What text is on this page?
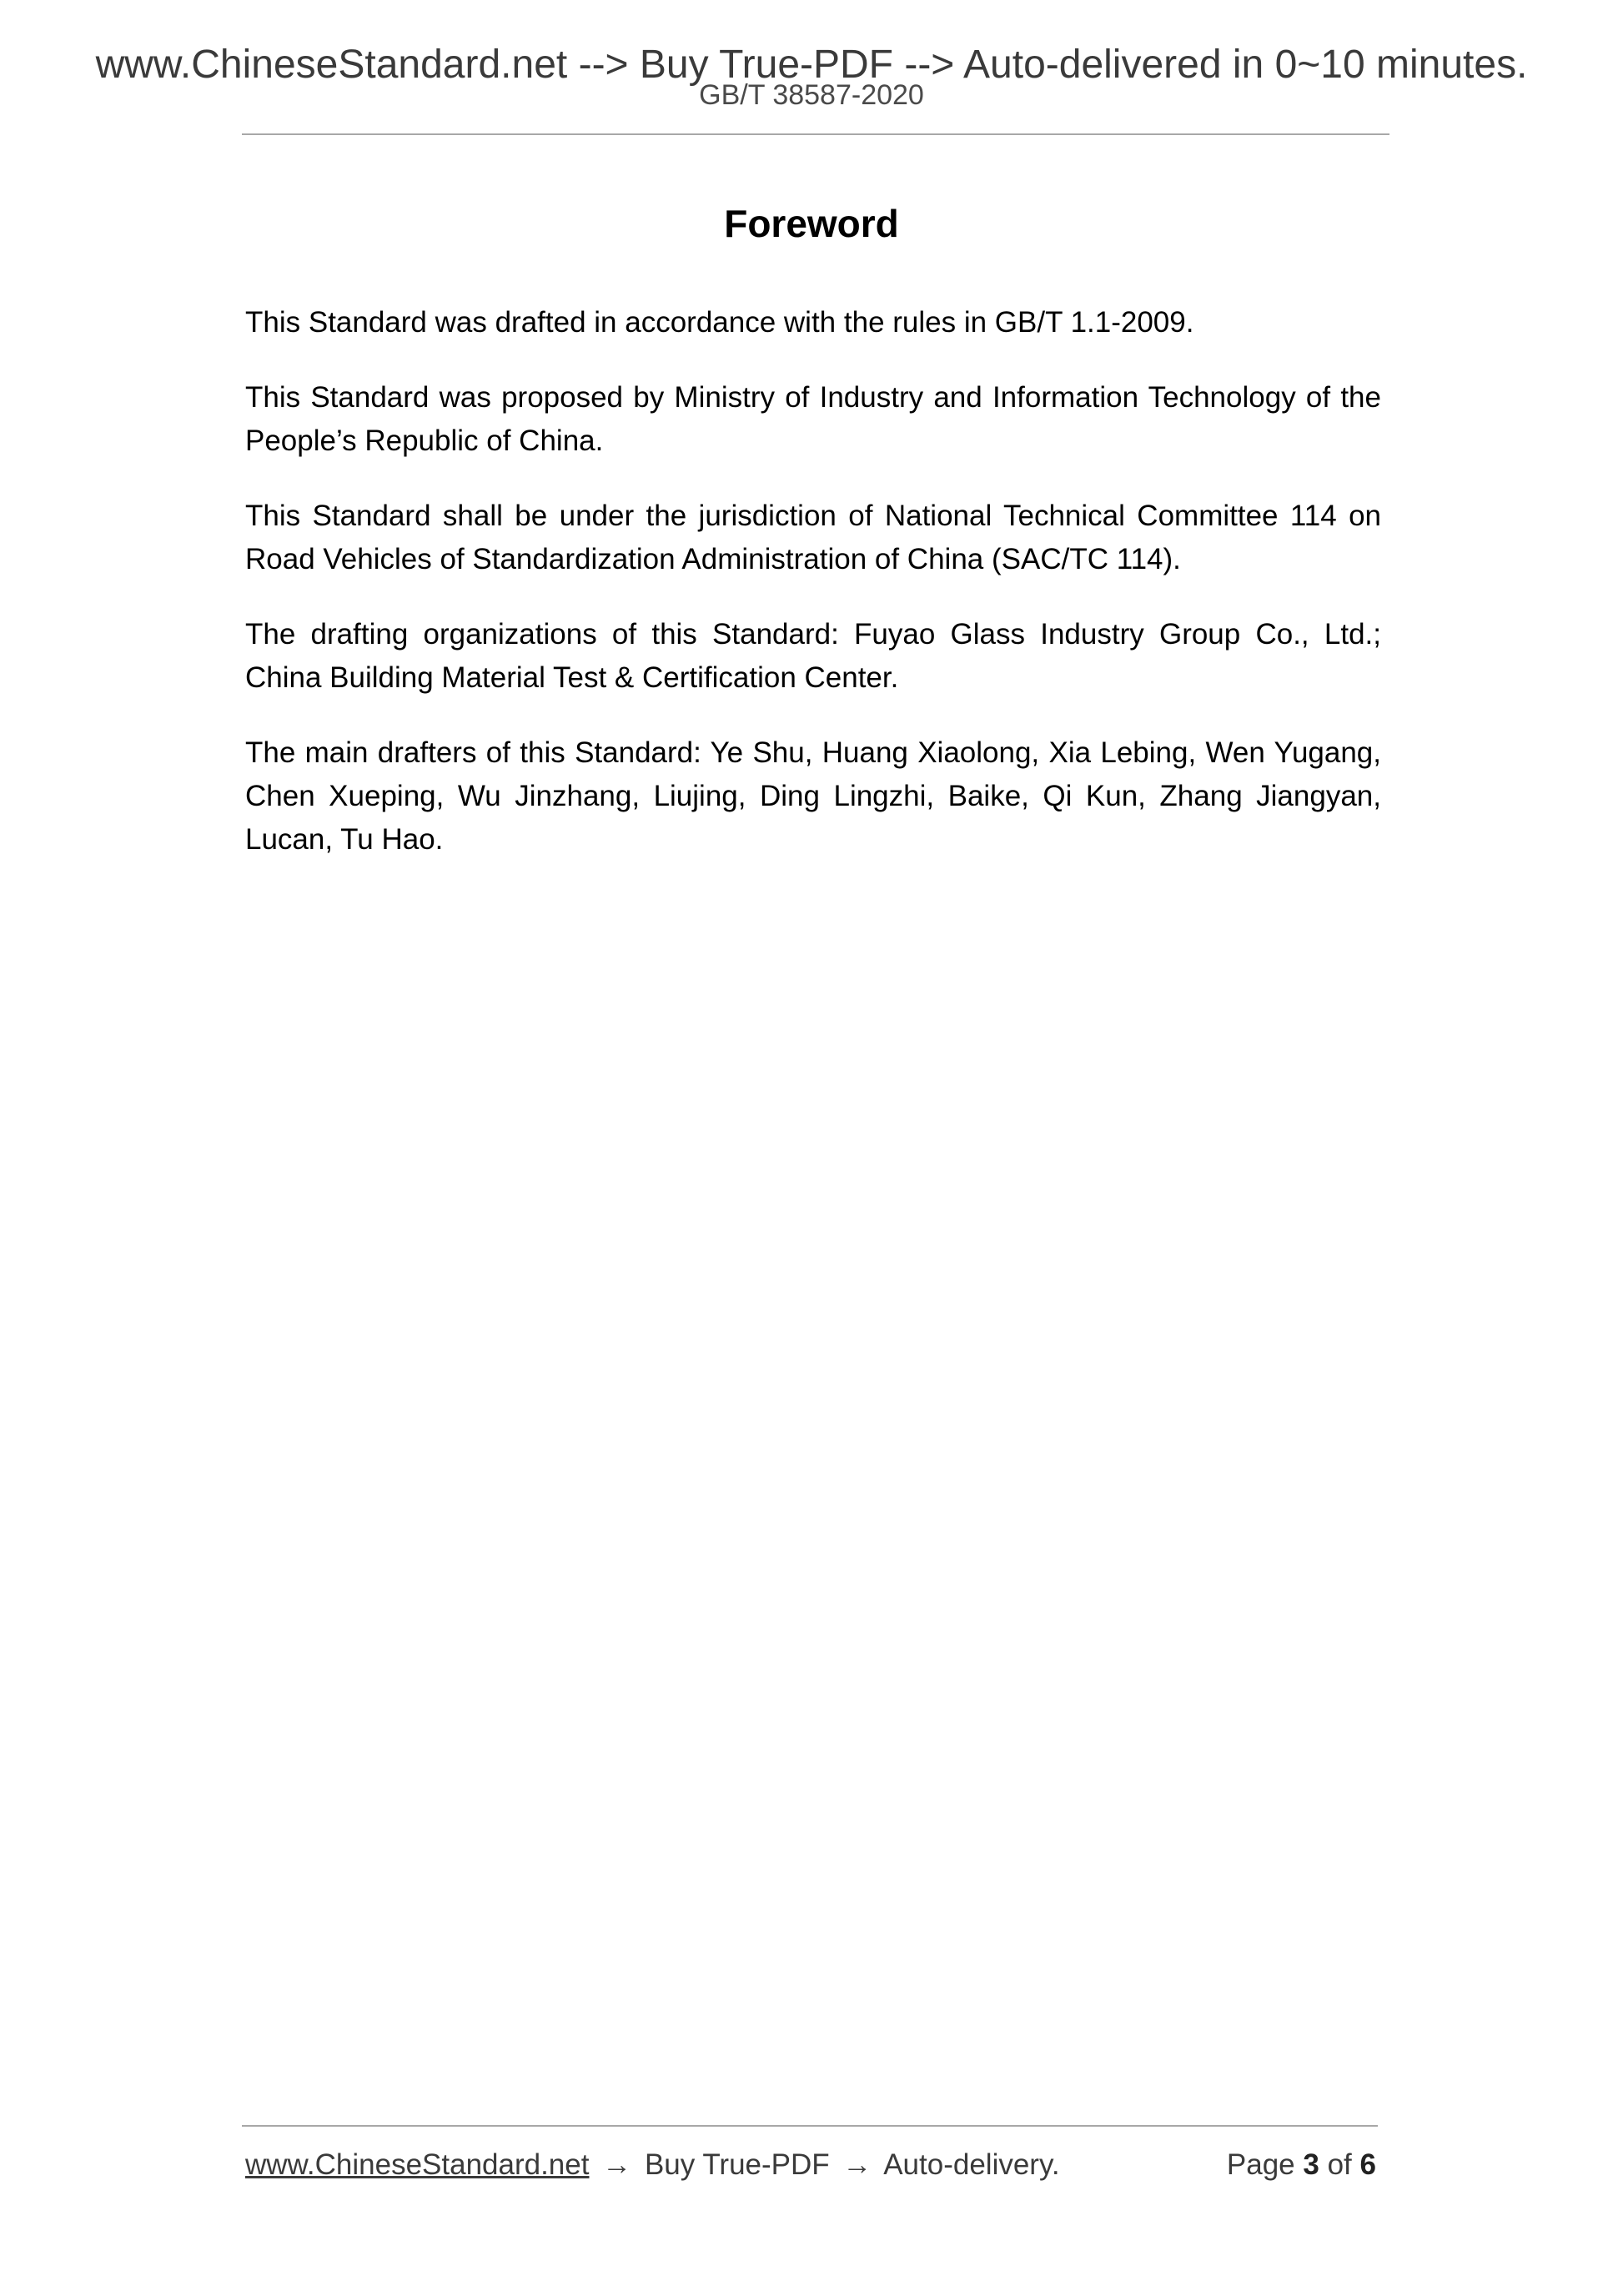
www.ChineseStandard.net --> Buy True-PDF --> Auto-delivered in 0~10 minutes.
GB/T 38587-2020
Foreword

This Standard was drafted in accordance with the rules in GB/T 1.1-2009.

This Standard was proposed by Ministry of Industry and Information Technology of the People’s Republic of China.

This Standard shall be under the jurisdiction of National Technical Committee 114 on Road Vehicles of Standardization Administration of China (SAC/TC 114).

The drafting organizations of this Standard: Fuyao Glass Industry Group Co., Ltd.; China Building Material Test & Certification Center.

The main drafters of this Standard: Ye Shu, Huang Xiaolong, Xia Lebing, Wen Yugang, Chen Xueping, Wu Jinzhang, Liujing, Ding Lingzhi, Baike, Qi Kun, Zhang Jiangyan, Lucan, Tu Hao.

www.ChineseStandard.net → Buy True-PDF → Auto-delivery.	Page 3 of 6
